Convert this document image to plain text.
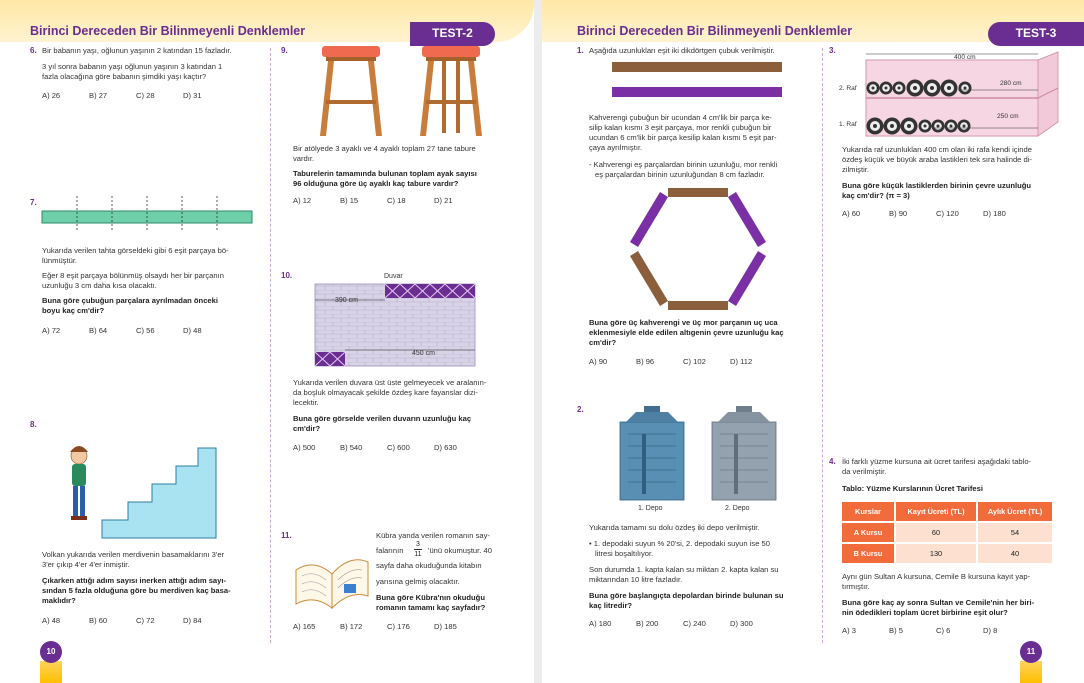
Birinci Dereceden Bir Bilinmeyenli Denklemler	TEST-2
6. Bir babanın yaşı, oğlunun yaşının 2 katından 15 fazladır.
3 yıl sonra babanın yaşı oğlunun yaşının 3 katından 1
fazla olacağına göre babanın şimdiki yaşı kaçtır?
A) 26	B) 27	C) 28	D) 31
7.
Yukarıda verilen tahta görseldeki gibi 6 eşit parçaya bö-
lünmüştür.
Eğer 8 eşit parçaya bölünmüş olsaydı her bir parçanın
uzunluğu 3 cm daha kısa olacaktı.
Buna göre çubuğun parçalara ayrılmadan önceki
boyu kaç cm'dir?
A) 72	B) 64	C) 56	D) 48
8.
Volkan yukarıda verilen merdivenin basamaklarını 3'er
3'er çıkıp 4'er 4'er inmiştir.
Çıkarken attığı adım sayısı inerken attığı adım sayı-
sından 5 fazla olduğuna göre bu merdiven kaç basa-
maklıdır?
A) 48	B) 60	C) 72	D) 84
9.
Bir atölyede 3 ayaklı ve 4 ayaklı toplam 27 tane tabure
vardır.
Taburelerin tamamında bulunan toplam ayak sayısı
96 olduğuna göre üç ayaklı kaç tabure vardır?
A) 12	B) 15	C) 18	D) 21
10.	Duvar
390 cm
450 cm
Yukarıda verilen duvara üst üste gelmeyecek ve aralanın-
da boşluk olmayacak şekilde özdeş kare fayanslar dizi-
lecektir.
Buna göre görselde verilen duvarın uzunluğu kaç
cm'dir?
A) 500	B) 540	C) 600	D) 630
11.	Kübra yanda verilen romanın say-
falarının $\frac{3}{11}$ 'ünü okumuştur. 40
sayfa daha okuduğunda kitabın
yarısına gelmiş olacaktır.
Buna göre Kübra'nın okuduğu
romanın tamamı kaç sayfadır?
A) 165	B) 172	C) 176	D) 185
10
Birinci Dereceden Bir Bilinmeyenli Denklemler	TEST-3
1. Aşağıda uzunlukları eşit iki dikdörtgen çubuk verilmiştir.
Kahverengi çubuğun bir ucundan 4 cm'lik bir parça ke-
silip kalan kısmı 3 eşit parçaya, mor renkli çubuğun bir
ucundan 6 cm'lik bir parça kesilip kalan kısmı 5 eşit par-
çaya ayrılmıştır.
- Kahverengi eş parçalardan birinin uzunluğu, mor renkli
eş parçalardan birinin uzunluğundan 8 cm fazladır.
Buna göre üç kahverengi ve üç mor parçanın uç uca
eklenmesiyle elde edilen altıgenin çevre uzunluğu kaç
cm'dir?
A) 90	B) 96	C) 102	D) 112
2.
1. Depo	2. Depo
Yukarıda tamamı su dolu özdeş iki depo verilmiştir.
• 1. depodaki suyun % 20'si, 2. depodaki suyun ise 50
litresi boşaltılıyor.
Son durumda 1. kapta kalan su miktarı 2. kapta kalan su
miktarından 10 litre fazladır.
Buna göre başlangıçta depolardan birinde bulunan su
kaç litredir?
A) 180	B) 200	C) 240	D) 300
3.
400 cm
2. Raf
1. Raf
280 cm
250 cm
Yukarıda raf uzunlukları 400 cm olan iki rafa kendi içinde
özdeş küçük ve büyük araba lastikleri tek sıra halinde di-
zilmiştir.
Buna göre küçük lastiklerden birinin çevre uzunluğu
kaç cm'dir? (π = 3)
A) 60	B) 90	C) 120	D) 180
4. İki farklı yüzme kursuna ait ücret tarifesi aşağıdaki tablo-
da verilmiştir.
Tablo: Yüzme Kurslarının Ücret Tarifesi
Kurslar	Kayıt Ücreti (TL)	Aylık Ücret (TL)
A Kursu	60	54
B Kursu	130	40
Aynı gün Sultan A kursuna, Cemile B kursuna kayıt yap-
tırmıştır.
Buna göre kaç ay sonra Sultan ve Cemile'nin her biri-
nin ödedikleri toplam ücret birbirine eşit olur?
A) 3	B) 5	C) 6	D) 8
11
